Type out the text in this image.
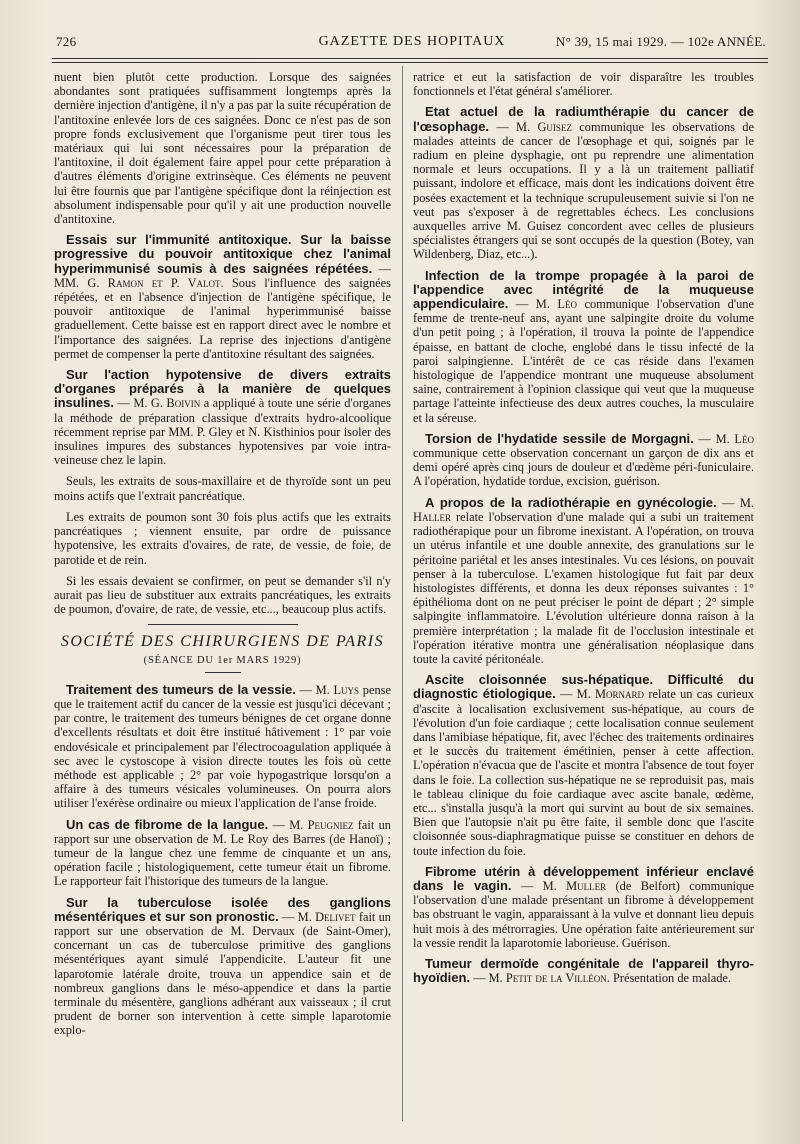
726	GAZETTE DES HOPITAUX	N° 39, 15 mai 1929. — 102e ANNÉE.

nuent bien plutôt cette production. Lorsque des saignées abondantes sont pratiquées suffisamment longtemps après la dernière injection d'antigène, il n'y a pas par la suite récupération de l'antitoxine enlevée lors de ces saignées. Donc ce n'est pas de son propre fonds exclusivement que l'organisme peut tirer tous les matériaux qui lui sont nécessaires pour la préparation de l'antitoxine, il doit également faire appel pour cette préparation à d'autres éléments d'origine extrinsèque. Ces éléments ne peuvent lui être fournis que par l'antigène spécifique dont la réinjection est absolument indispensable pour qu'il y ait une production nouvelle d'antitoxine.

Essais sur l'immunité antitoxique. Sur la baisse progressive du pouvoir antitoxique chez l'animal hyperimmunisé soumis à des saignées répétées. — MM. G. Ramon et P. Valot. Sous l'influence des saignées répétées, et en l'absence d'injection de l'antigène spécifique, le pouvoir antitoxique de l'animal hyperimmunisé baisse graduellement. Cette baisse est en rapport direct avec le nombre et l'importance des saignées. La reprise des injections d'antigène permet de compenser la perte d'antitoxine résultant des saignées.
Sur l'action hypotensive de divers extraits d'organes préparés à la manière de quelques insulines. — M. G. Boivin a appliqué à toute une série d'organes la méthode de préparation classique d'extraits hydro-alcoolique récemment reprise par MM. P. Gley et N. Kisthinios pour isoler des insulines impures des substances hypotensives par voie intra-veineuse chez le lapin.

Seuls, les extraits de sous-maxillaire et de thyroïde sont un peu moins actifs que l'extrait pancréatique.

Les extraits de poumon sont 30 fois plus actifs que les extraits pancréatiques ; viennent ensuite, par ordre de puissance hypotensive, les extraits d'ovaires, de rate, de vessie, de foie, de parotide et de rein.

Si les essais devaient se confirmer, on peut se demander s'il n'y aurait pas lieu de substituer aux extraits pancréatiques, les extraits de poumon, d'ovaire, de rate, de vessie, etc..., beaucoup plus actifs.

SOCIÉTÉ DES CHIRURGIENS DE PARIS
(SÉANCE DU 1er MARS 1929)
Traitement des tumeurs de la vessie. — M. Luys pense que le traitement actif du cancer de la vessie est jusqu'ici décevant ; par contre, le traitement des tumeurs bénignes de cet organe donne d'excellents résultats et doit être institué hâtivement : 1° par voie endovésicale et principalement par l'électrocoagulation appliquée à sec avec le cystoscope à vision directe toutes les fois où cette méthode est applicable ; 2° par voie hypogastrique lorsqu'on a affaire à des tumeurs vésicales volumineuses. On pourra alors utiliser l'exérèse ordinaire ou mieux l'application de l'anse froide.
Un cas de fibrome de la langue. — M. Peugniez fait un rapport sur une observation de M. Le Roy des Barres (de Hanoï) ; tumeur de la langue chez une femme de cinquante et un ans, opération facile ; histologiquement, cette tumeur était un fibrome. Le rapporteur fait l'historique des tumeurs de la langue.
Sur la tuberculose isolée des ganglions mésentériques et sur son pronostic. — M. Delivet fait un rapport sur une observation de M. Dervaux (de Saint-Omer), concernant un cas de tuberculose primitive des ganglions mésentériques ayant simulé l'appendicite. L'auteur fit une laparotomie latérale droite, trouva un appendice sain et de nombreux ganglions dans le méso-appendice et dans la partie terminale du mésentère, ganglions adhérant aux vaisseaux ; il crut prudent de borner son intervention à cette simple laparotomie explo-

ratrice et eut la satisfaction de voir disparaître les troubles fonctionnels et l'état général s'améliorer.

Etat actuel de la radiumthérapie du cancer de l'œsophage. — M. Guisez communique les observations de malades atteints de cancer de l'œsophage et qui, soignés par le radium en pleine dysphagie, ont pu reprendre une alimentation normale et leurs occupations. Il y a là un traitement palliatif puissant, indolore et efficace, mais dont les indications doivent être posées exactement et la technique scrupuleusement suivie si l'on ne veut pas s'exposer à de regrettables échecs. Les conclusions auxquelles arrive M. Guisez concordent avec celles de plusieurs spécialistes étrangers qui se sont occupés de la question (Botey, van Wildenberg, Diaz, etc...).
Infection de la trompe propagée à la paroi de l'appendice avec intégrité de la muqueuse appendiculaire. — M. Léo communique l'observation d'une femme de trente-neuf ans, ayant une salpingite droite du volume d'un petit poing ; à l'opération, il trouva la pointe de l'appendice épaisse, en battant de cloche, englobé dans le tissu infecté de la paroi salpingienne. L'intérêt de ce cas réside dans l'examen histologique de l'appendice montrant une muqueuse absolument saine, contrairement à l'opinion classique qui veut que la muqueuse partage l'atteinte infectieuse des deux autres couches, la musculaire et la séreuse.
Torsion de l'hydatide sessile de Morgagni. — M. Léo communique cette observation concernant un garçon de dix ans et demi opéré après cinq jours de douleur et d'œdème péri-funiculaire. A l'opération, hydatide tordue, excision, guérison.
A propos de la radiothérapie en gynécologie. — M. Haller relate l'observation d'une malade qui a subi un traitement radiothérapique pour un fibrome inexistant. A l'opération, on trouva un utérus infantile et une double annexite, des granulations sur le péritoine pariétal et les anses intestinales. Vu ces lésions, on pouvait penser à la tuberculose. L'examen histologique fut fait par deux histologistes différents, et donna les deux réponses suivantes : 1° épithélioma dont on ne peut préciser le point de départ ; 2° simple salpingite inflammatoire. L'évolution ultérieure donna raison à la première interprétation ; la malade fit de l'occlusion intestinale et l'opération itérative montra une généralisation néoplasique dans toute la cavité péritonéale.
Ascite cloisonnée sus-hépatique. Difficulté du diagnostic étiologique. — M. Mornard relate un cas curieux d'ascite à localisation exclusivement sus-hépatique, au cours de l'évolution d'un foie cardiaque ; cette localisation connue seulement dans l'amibiase hépatique, fit, avec l'échec des traitements ordinaires et le succès du traitement émétinien, penser à cette affection. L'opération n'évacua que de l'ascite et montra l'absence de tout foyer dans le foie. La collection sus-hépatique ne se reproduisit pas, mais le tableau clinique du foie cardiaque avec ascite banale, œdème, etc... s'installa jusqu'à la mort qui survint au bout de six semaines. Bien que l'autopsie n'ait pu être faite, il semble donc que l'ascite cloisonnée sous-diaphragmatique puisse se constituer en dehors de toute infection du foie.
Fibrome utérin à développement inférieur enclavé dans le vagin. — M. Muller (de Belfort) communique l'observation d'une malade présentant un fibrome à développement bas obstruant le vagin, apparaissant à la vulve et donnant lieu depuis huit mois à des métrorragies. Une opération faite antérieurement sur la vessie rendit la laparotomie laborieuse. Guérison.
Tumeur dermoïde congénitale de l'appareil thyro-hyoïdien. — M. Petit de la Villéon. Présentation de malade.
